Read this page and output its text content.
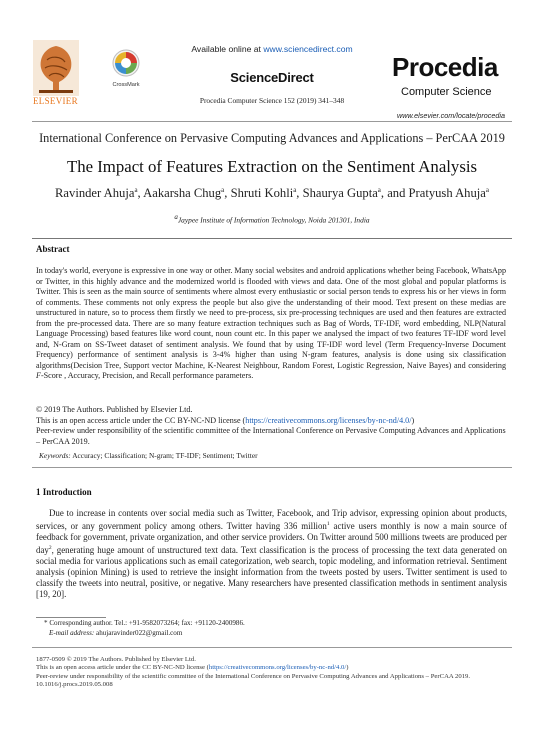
ELSEVIER
CrossMark
Available online at www.sciencedirect.com
ScienceDirect
Procedia Computer Science 152 (2019) 341–348
Procedia
Computer Science
www.elsevier.com/locate/procedia
International Conference on Pervasive Computing Advances and Applications – PerCAA 2019
The Impact of Features Extraction on the Sentiment Analysis
Ravinder Ahuja$^a$, Aakarsha Chug$^a$, Shruti Kohli$^a$, Shaurya Gupta$^a$, and Pratyush Ahuja$^a$
$^a$Jaypee Institute of Information Technology, Noida 201301, India
Abstract
In today's world, everyone is expressive in one way or other. Many social websites and android applications whether being Facebook, WhatsApp or Twitter, in this highly advance and the modernized world is flooded with views and data. One of the most global and popular platforms is Twitter. This is seen as the main source of sentiments where almost every enthusiastic or social person tends to express his or her views in form of comments. These comments not only express the people but also give the understanding of their mood. Text present on these medias are unstructured in nature, so to process them firstly we need to pre-process, six pre-processing techniques are used and then features are extracted from the pre-processed data. There are so many feature extraction techniques such as Bag of Words, TF-IDF, word embedding, NLP(Natural Language Processing) based features like word count, noun count etc. In this paper we analysed the impact of two features TF-IDF word level and, N-Gram on SS-Tweet dataset of sentiment analysis. We found that by using TF-IDF word level (Term Frequency-Inverse Document Frequency) performance of sentiment analysis is 3-4% higher than using N-gram features, analysis is done using six classification algorithms(Decision Tree, Support vector Machine, K-Nearest Neighbour, Random Forest, Logistic Regression, Naive Bayes) and considering F-Score , Accuracy, Precision, and Recall performance parameters.
© 2019 The Authors. Published by Elsevier Ltd.
This is an open access article under the CC BY-NC-ND license (https://creativecommons.org/licenses/by-nc-nd/4.0/)
Peer-review under responsibility of the scientific committee of the International Conference on Pervasive Computing Advances and Applications – PerCAA 2019.
Keywords: Accuracy; Classification; N-gram; TF-IDF; Sentiment; Twitter
1 Introduction
Due to increase in contents over social media such as Twitter, Facebook, and Trip advisor, expressing opinion about products, services, or any government policy among others. Twitter having 336 million$^1$ active users monthly is now a main source of feedback for government, private organization, and other service providers. On Twitter around 500 millions tweets are produced per day$^2$, generating huge amount of unstructured text data. Text classification is the process of processing the text data generated on social media for various applications such as email categorization, web search, topic modeling, and information retrieval. Sentiment analysis (opinion Mining) is used to retrieve the insight information from the tweets posted by users. Twitter sentiment is used to classify the tweets into neutral, positive, or negative. Many researchers have presented classification methods in sentiment analysis [19, 20].
* Corresponding author. Tel.: +91-9582073264; fax: +91120-2400986.
E-mail address: ahujaravinder022@gmail.com
1877-0509 © 2019 The Authors. Published by Elsevier Ltd.
This is an open access article under the CC BY-NC-ND license (https://creativecommons.org/licenses/by-nc-nd/4.0/)
Peer-review under responsibility of the scientific committee of the International Conference on Pervasive Computing Advances and Applications – PerCAA 2019.
10.1016/j.procs.2019.05.008
